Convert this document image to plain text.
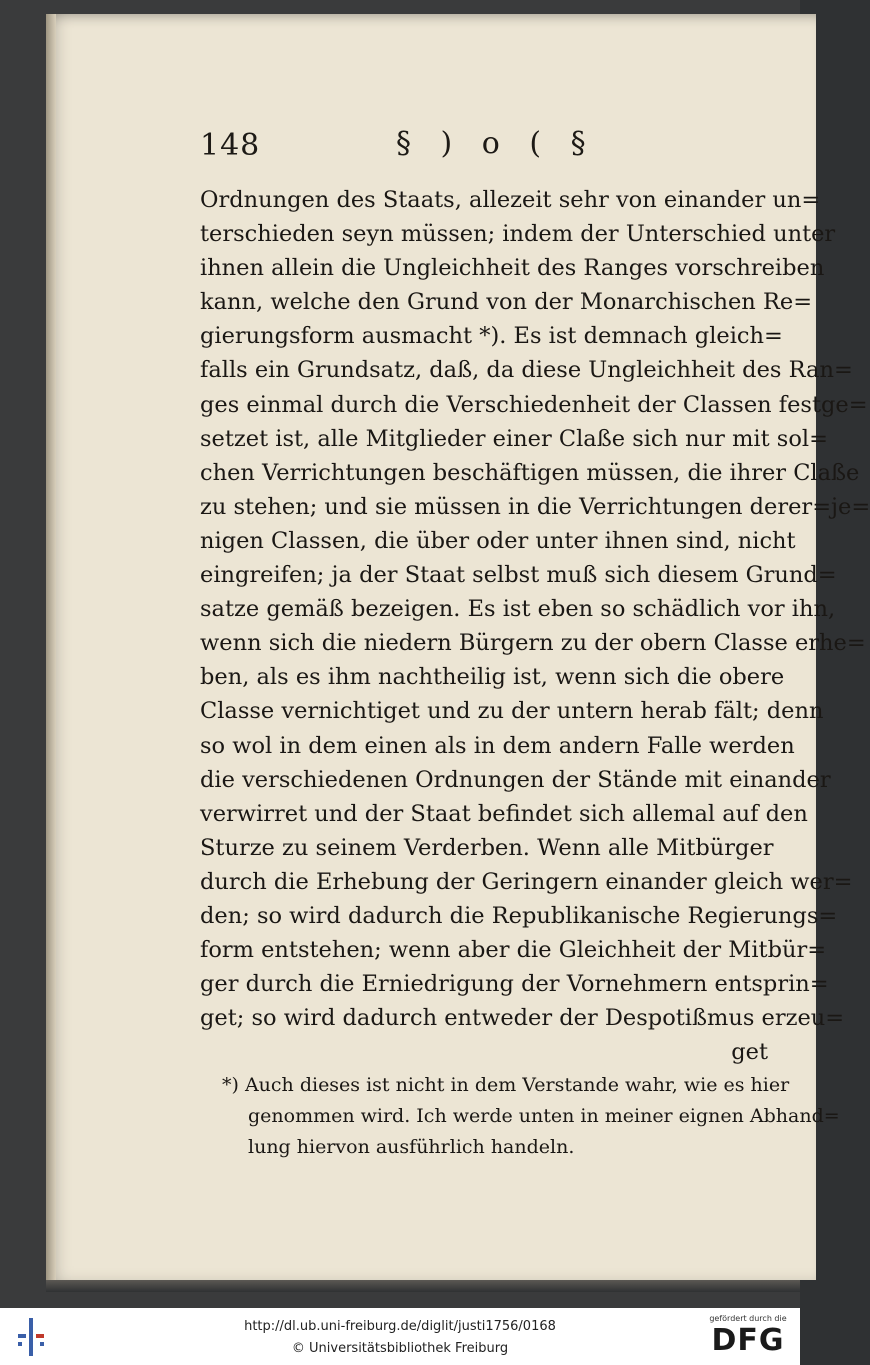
148	§ ) o ( §
Ordnungen des Staats, allezeit sehr von einander un=
terschieden seyn müssen; indem der Unterschied unter
ihnen allein die Ungleichheit des Ranges vorschreiben
kann, welche den Grund von der Monarchischen Re=
gierungsform ausmacht *). Es ist demnach gleich=
falls ein Grundsatz, daß, da diese Ungleichheit des Ran=
ges einmal durch die Verschiedenheit der Classen festge=
setzet ist, alle Mitglieder einer Claße sich nur mit sol=
chen Verrichtungen beschäftigen müssen, die ihrer Claße
zu stehen; und sie müssen in die Verrichtungen derer=je=
nigen Classen, die über oder unter ihnen sind, nicht
eingreifen; ja der Staat selbst muß sich diesem Grund=
satze gemäß bezeigen. Es ist eben so schädlich vor ihn,
wenn sich die niedern Bürgern zu der obern Classe erhe=
ben, als es ihm nachtheilig ist, wenn sich die obere
Classe vernichtiget und zu der untern herab fält; denn
so wol in dem einen als in dem andern Falle werden
die verschiedenen Ordnungen der Stände mit einander
verwirret und der Staat befindet sich allemal auf den
Sturze zu seinem Verderben. Wenn alle Mitbürger
durch die Erhebung der Geringern einander gleich wer=
den; so wird dadurch die Republikanische Regierungs=
form entstehen; wenn aber die Gleichheit der Mitbür=
ger durch die Erniedrigung der Vornehmern entsprin=
get; so wird dadurch entweder der Despotißmus erzeu=
get
*) Auch dieses ist nicht in dem Verstande wahr, wie es hier
genommen wird. Ich werde unten in meiner eignen Abhand=
lung hiervon ausführlich handeln.
http://dl.ub.uni-freiburg.de/diglit/justi1756/0168
© Universitätsbibliothek Freiburg
gefördert durch die
DFG
